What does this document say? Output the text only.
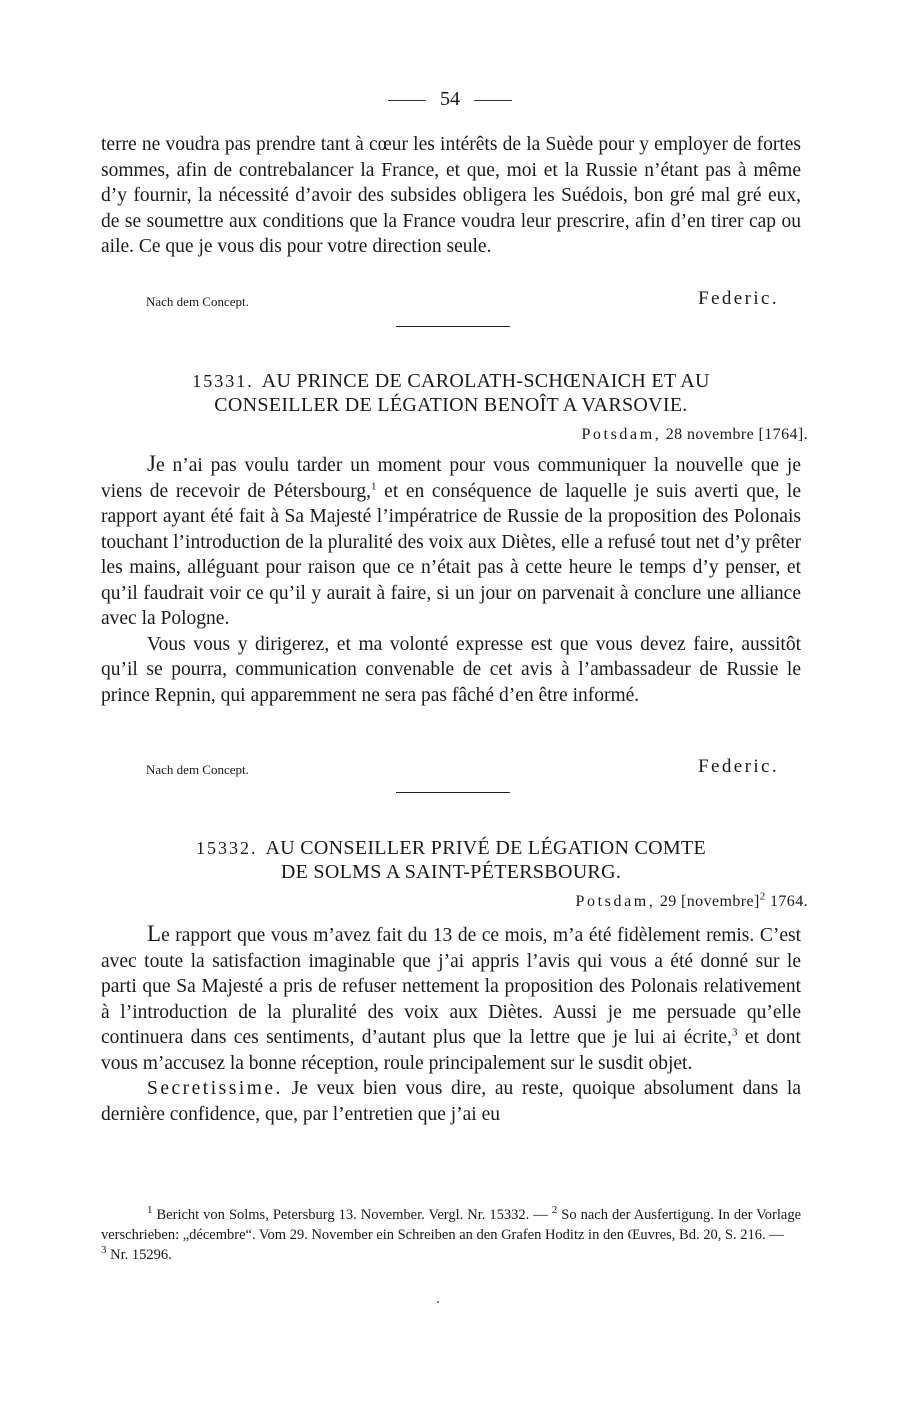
54

terre ne voudra pas prendre tant à cœur les intérêts de la Suède pour y employer de fortes sommes, afin de contrebalancer la France, et que, moi et la Russie n’étant pas à même d’y fournir, la nécessité d’avoir des subsides obligera les Suédois, bon gré mal gré eux, de se soumettre aux conditions que la France voudra leur prescrire, afin d’en tirer cap ou aile. Ce que je vous dis pour votre direction seule.

Nach dem Concept.	Federic.
15331. AU PRINCE DE CAROLATH-SCHŒNAICH ET AU
CONSEILLER DE LÉGATION BENOÎT A VARSOVIE.
Potsdam, 28 novembre [1764].

Je n’ai pas voulu tarder un moment pour vous communiquer la nouvelle que je viens de recevoir de Pétersbourg,$^1$ et en conséquence de laquelle je suis averti que, le rapport ayant été fait à Sa Majesté l’impératrice de Russie de la proposition des Polonais touchant l’introduction de la pluralité des voix aux Diètes, elle a refusé tout net d’y prêter les mains, alléguant pour raison que ce n’était pas à cette heure le temps d’y penser, et qu’il faudrait voir ce qu’il y aurait à faire, si un jour on parvenait à conclure une alliance avec la Pologne.

Vous vous y dirigerez, et ma volonté expresse est que vous devez faire, aussitôt qu’il se pourra, communication convenable de cet avis à l’ambassadeur de Russie le prince Repnin, qui apparemment ne sera pas fâché d’en être informé.

Nach dem Concept.	Federic.
15332. AU CONSEILLER PRIVÉ DE LÉGATION COMTE
DE SOLMS A SAINT-PÉTERSBOURG.
Potsdam, 29 [novembre]$^2$ 1764.

Le rapport que vous m’avez fait du 13 de ce mois, m’a été fidèlement remis. C’est avec toute la satisfaction imaginable que j’ai appris l’avis qui vous a été donné sur le parti que Sa Majesté a pris de refuser nettement la proposition des Polonais relativement à l’introduction de la pluralité des voix aux Diètes. Aussi je me persuade qu’elle continuera dans ces sentiments, d’autant plus que la lettre que je lui ai écrite,$^3$ et dont vous m’accusez la bonne réception, roule principalement sur le susdit objet.

Secretissime. Je veux bien vous dire, au reste, quoique absolument dans la dernière confidence, que, par l’entretien que j’ai eu

$^1$ Bericht von Solms, Petersburg 13. November. Vergl. Nr. 15332. — $^2$ So nach der Ausfertigung. In der Vorlage verschrieben: „décembre“. Vom 29. November ein Schreiben an den Grafen Hoditz in den Œuvres, Bd. 20, S. 216. —
$^3$ Nr. 15296.
